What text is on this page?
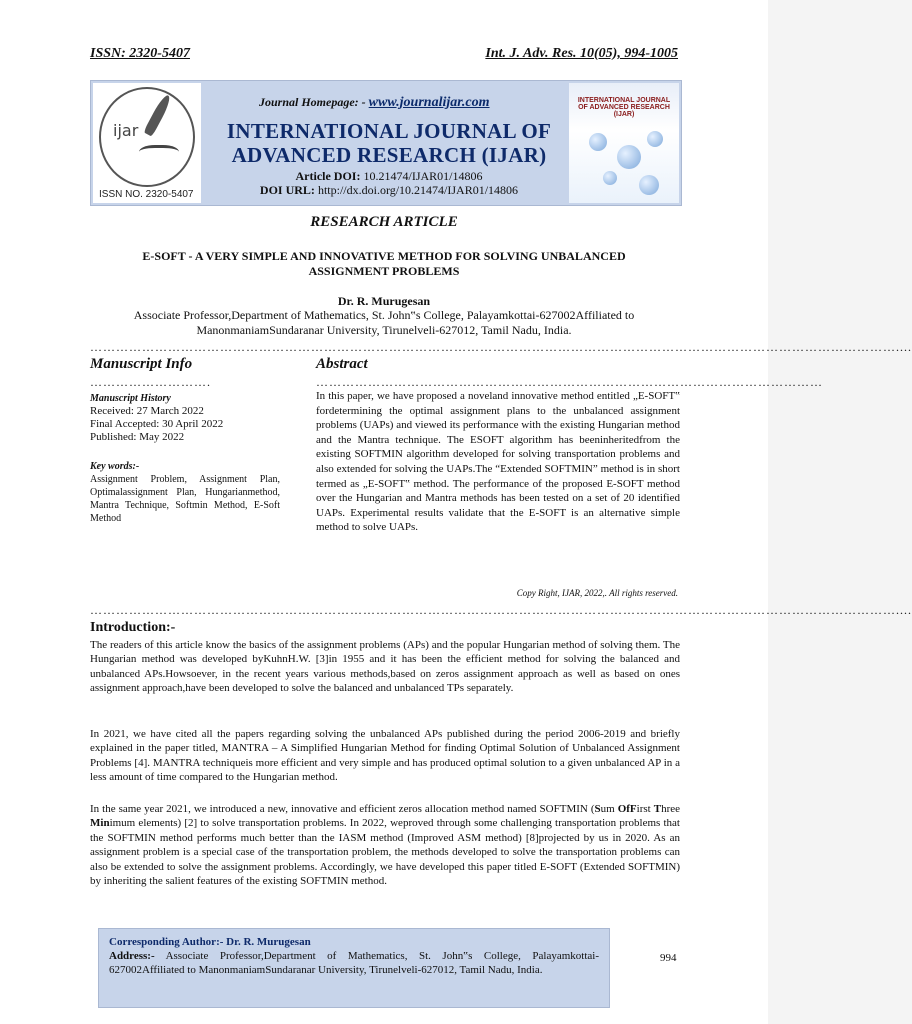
ISSN: 2320-5407	Int. J. Adv. Res. 10(05), 994-1005
ijar
ISSN NO. 2320-5407
Journal Homepage: - www.journalijar.com
INTERNATIONAL JOURNAL OF
ADVANCED RESEARCH (IJAR)
Article DOI: 10.21474/IJAR01/14806
DOI URL: http://dx.doi.org/10.21474/IJAR01/14806
INTERNATIONAL JOURNAL OF ADVANCED RESEARCH (IJAR)
RESEARCH ARTICLE
E-SOFT - A VERY SIMPLE AND INNOVATIVE METHOD FOR SOLVING UNBALANCED ASSIGNMENT PROBLEMS
Dr. R. Murugesan
Associate Professor,Department of Mathematics, St. John‟s College, Palayamkottai-627002Affiliated to ManonmaniamSundaranar University, Tirunelveli-627012, Tamil Nadu, India.
……………………………………………………………………………………………………………………………………………………………………....
Manuscript Info
……………………….
Abstract
………………………………………………………………………………………………………
Manuscript History
Received: 27 March 2022
Final Accepted: 30 April 2022
Published: May 2022
Key words:-
Assignment Problem, Assignment Plan, Optimalassignment Plan, Hungarianmethod, Mantra Technique, Softmin Method, E-Soft Method
In this paper, we have proposed a noveland innovative method entitled „E-SOFT‟ fordetermining the optimal assignment plans to the unbalanced assignment problems (UAPs) and viewed its performance with the existing Hungarian method and the Mantra technique. The ESOFT algorithm has beeninheritedfrom the existing SOFTMIN algorithm developed for solving transportation problems and also extended for solving the UAPs.The “Extended SOFTMIN” method is in short termed as „E-SOFT‟ method. The performance of the proposed E-SOFT method over the Hungarian and Mantra methods has been tested on a set of 20 identified UAPs. Experimental results validate that the E-SOFT is an alternative simple method to solve UAPs.
Copy Right, IJAR, 2022,. All rights reserved.
……………………………………………………………………………………………………………………………………………………………………....
Introduction:-
The readers of this article know the basics of the assignment problems (APs) and the popular Hungarian method of solving them. The Hungarian method was developed byKuhnH.W. [3]in 1955 and it has been the efficient method for solving the balanced and unbalanced APs.Howsoever, in the recent years various methods,based on zeros assignment approach as well as based on ones assignment approach,have been developed to solve the balanced and unbalanced TPs separately.
In 2021, we have cited all the papers regarding solving the unbalanced APs published during the period 2006-2019 and briefly explained in the paper titled, MANTRA – A Simplified Hungarian Method for finding Optimal Solution of Unbalanced Assignment Problems [4]. MANTRA techniqueis more efficient and very simple and has produced optimal solution to a given unbalanced AP in a less amount of time compared to the Hungarian method.
In the same year 2021, we introduced a new, innovative and efficient zeros allocation method named SOFTMIN (Sum OfFirst Three Minimum elements) [2] to solve transportation problems. In 2022, weproved through some challenging transportation problems that the SOFTMIN method performs much better than the IASM method (Improved ASM method) [8]projected by us in 2020. As an assignment problem is a special case of the transportation problem, the methods developed to solve the transportation problems can also be extended to solve the assignment problems. Accordingly, we have developed this paper titled E-SOFT (Extended SOFTMIN) by inheriting the salient features of the existing SOFTMIN method.
Corresponding Author:- Dr. R. Murugesan
Address:- Associate Professor,Department of Mathematics, St. John‟s College, Palayamkottai-627002Affiliated to ManonmaniamSundaranar University, Tirunelveli-627012, Tamil Nadu, India.
994
